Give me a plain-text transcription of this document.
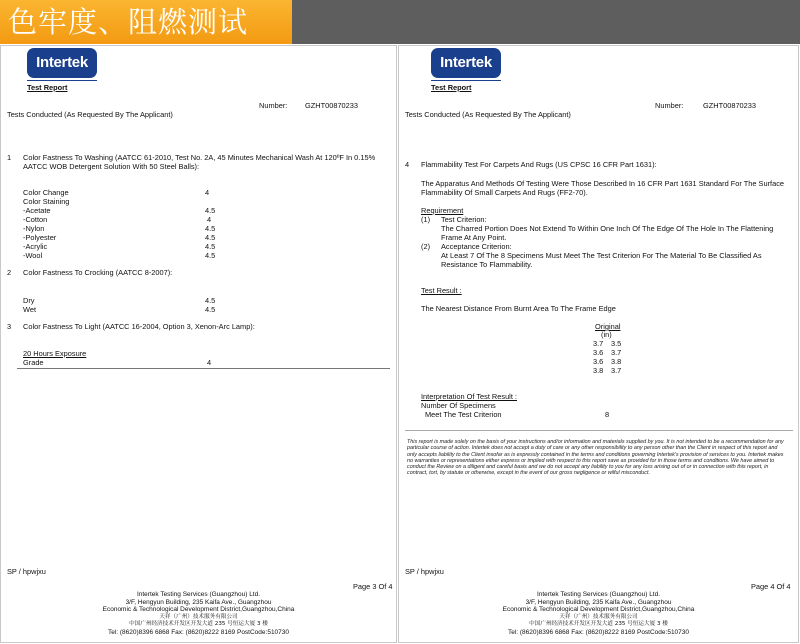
色牢度、阻燃测试
Intertek
Test Report
Number: GZHT00870233
Tests Conducted (As Requested By The Applicant)
1 Color Fastness To Washing (AATCC 61-2010, Test No. 2A, 45 Minutes Mechanical Wash At 120ºF In 0.15%
AATCC WOB Detergent Solution With 50 Steel Balls):
Color Change	4
Color Staining
-Acetate	4.5
-Cotton	4
-Nylon	4.5
-Polyester	4.5
-Acrylic	4.5
-Wool	4.5
2 Color Fastness To Crocking (AATCC 8-2007):
Dry	4.5
Wet	4.5
3 Color Fastness To Light (AATCC 16-2004, Option 3, Xenon-Arc Lamp):
20 Hours Exposure
Grade	4
SP / hpwjxu
Page 3 Of 4
Intertek Testing Services (Guangzhou) Ltd.
3/F, Hengyun Building, 235 Kaifa Ave., Guangzhou
Economic & Technological Development District,Guangzhou,China
天祥（广州）技术服务有限公司
中国广州经济技术开发区开发大道 235 号恒运大厦 3 楼
Tel: (8620)8396 6868 Fax: (8620)8222 8169 PostCode:510730
Intertek
Test Report
Number:	GZHT00870233
Tests Conducted (As Requested By The Applicant)
4 Flammability Test For Carpets And Rugs (US CPSC 16 CFR Part 1631):
The Apparatus And Methods Of Testing Were Those Described In 16 CFR Part 1631 Standard For The Surface
Flammability Of Small Carpets And Rugs (FF2-70).
Requirement
(1) Test Criterion:
The Charred Portion Does Not Extend To Within One Inch Of The Edge Of The Hole In The Flattening
Frame At Any Point.
(2) Acceptance Criterion:
At Least 7 Of The 8 Specimens Must Meet The Test Criterion For The Material To Be Classified As
Resistance To Flammability.
Test Result :
The Nearest Distance From Burnt Area To The Frame Edge
Original
(in)
3.7 3.5
3.6 3.7
3.6 3.8
3.8 3.7
Interpretation Of Test Result :
Number Of Specimens
Meet The Test Criterion	8
This report is made solely on the basis of your instructions and/or information and materials supplied by you. It is not intended to be a recommendation for any particular course of action. Intertek does not accept a duty of care or any other responsibility to any person other than the Client in respect of this report and only accepts liability to the Client insofar as is expressly contained in the terms and conditions governing Intertek's provision of services to you. Intertek makes no warranties or representations either express or implied with respect to this report save as provided for in those terms and conditions. We have aimed to conduct the Review on a diligent and careful basis and we do not accept any liability to you for any loss arising out of or in connection with this report, in contract, tort, by statute or otherwise, except in the event of our gross negligence or wilful misconduct.
SP / hpwjxu
Page 4 Of 4
Intertek Testing Services (Guangzhou) Ltd.
3/F, Hengyun Building, 235 Kaifa Ave., Guangzhou
Economic & Technological Development District,Guangzhou,China
天祥（广州）技术服务有限公司
中国广州经济技术开发区开发大道 235 号恒运大厦 3 楼
Tel: (8620)8396 6868 Fax: (8620)8222 8169 PostCode:510730
